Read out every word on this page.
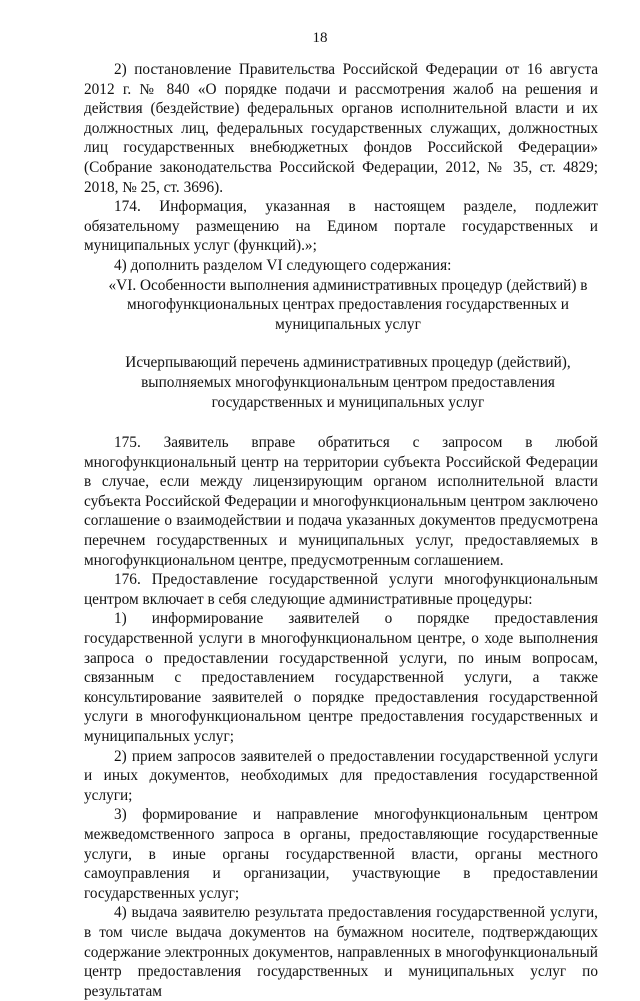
18

2) постановление Правительства Российской Федерации от 16 августа 2012 г. № 840 «О порядке подачи и рассмотрения жалоб на решения и действия (бездействие) федеральных органов исполнительной власти и их должностных лиц, федеральных государственных служащих, должностных лиц государственных внебюджетных фондов Российской Федерации» (Собрание законодательства Российской Федерации, 2012, № 35, ст. 4829; 2018, № 25, ст. 3696).

174. Информация, указанная в настоящем разделе, подлежит обязательному размещению на Едином портале государственных и муниципальных услуг (функций).»;

4) дополнить разделом VI следующего содержания:

«VI. Особенности выполнения административных процедур (действий) в многофункциональных центрах предоставления государственных и муниципальных услуг

Исчерпывающий перечень административных процедур (действий), выполняемых многофункциональным центром предоставления государственных и муниципальных услуг

175. Заявитель вправе обратиться с запросом в любой многофункциональный центр на территории субъекта Российской Федерации в случае, если между лицензирующим органом исполнительной власти субъекта Российской Федерации и многофункциональным центром заключено соглашение о взаимодействии и подача указанных документов предусмотрена перечнем государственных и муниципальных услуг, предоставляемых в многофункциональном центре, предусмотренным соглашением.

176. Предоставление государственной услуги многофункциональным центром включает в себя следующие административные процедуры:

1) информирование заявителей о порядке предоставления государственной услуги в многофункциональном центре, о ходе выполнения запроса о предоставлении государственной услуги, по иным вопросам, связанным с предоставлением государственной услуги, а также консультирование заявителей о порядке предоставления государственной услуги в многофункциональном центре предоставления государственных и муниципальных услуг;

2) прием запросов заявителей о предоставлении государственной услуги и иных документов, необходимых для предоставления государственной услуги;

3) формирование и направление многофункциональным центром межведомственного запроса в органы, предоставляющие государственные услуги, в иные органы государственной власти, органы местного самоуправления и организации, участвующие в предоставлении государственных услуг;

4) выдача заявителю результата предоставления государственной услуги, в том числе выдача документов на бумажном носителе, подтверждающих содержание электронных документов, направленных в многофункциональный центр предоставления государственных и муниципальных услуг по результатам
